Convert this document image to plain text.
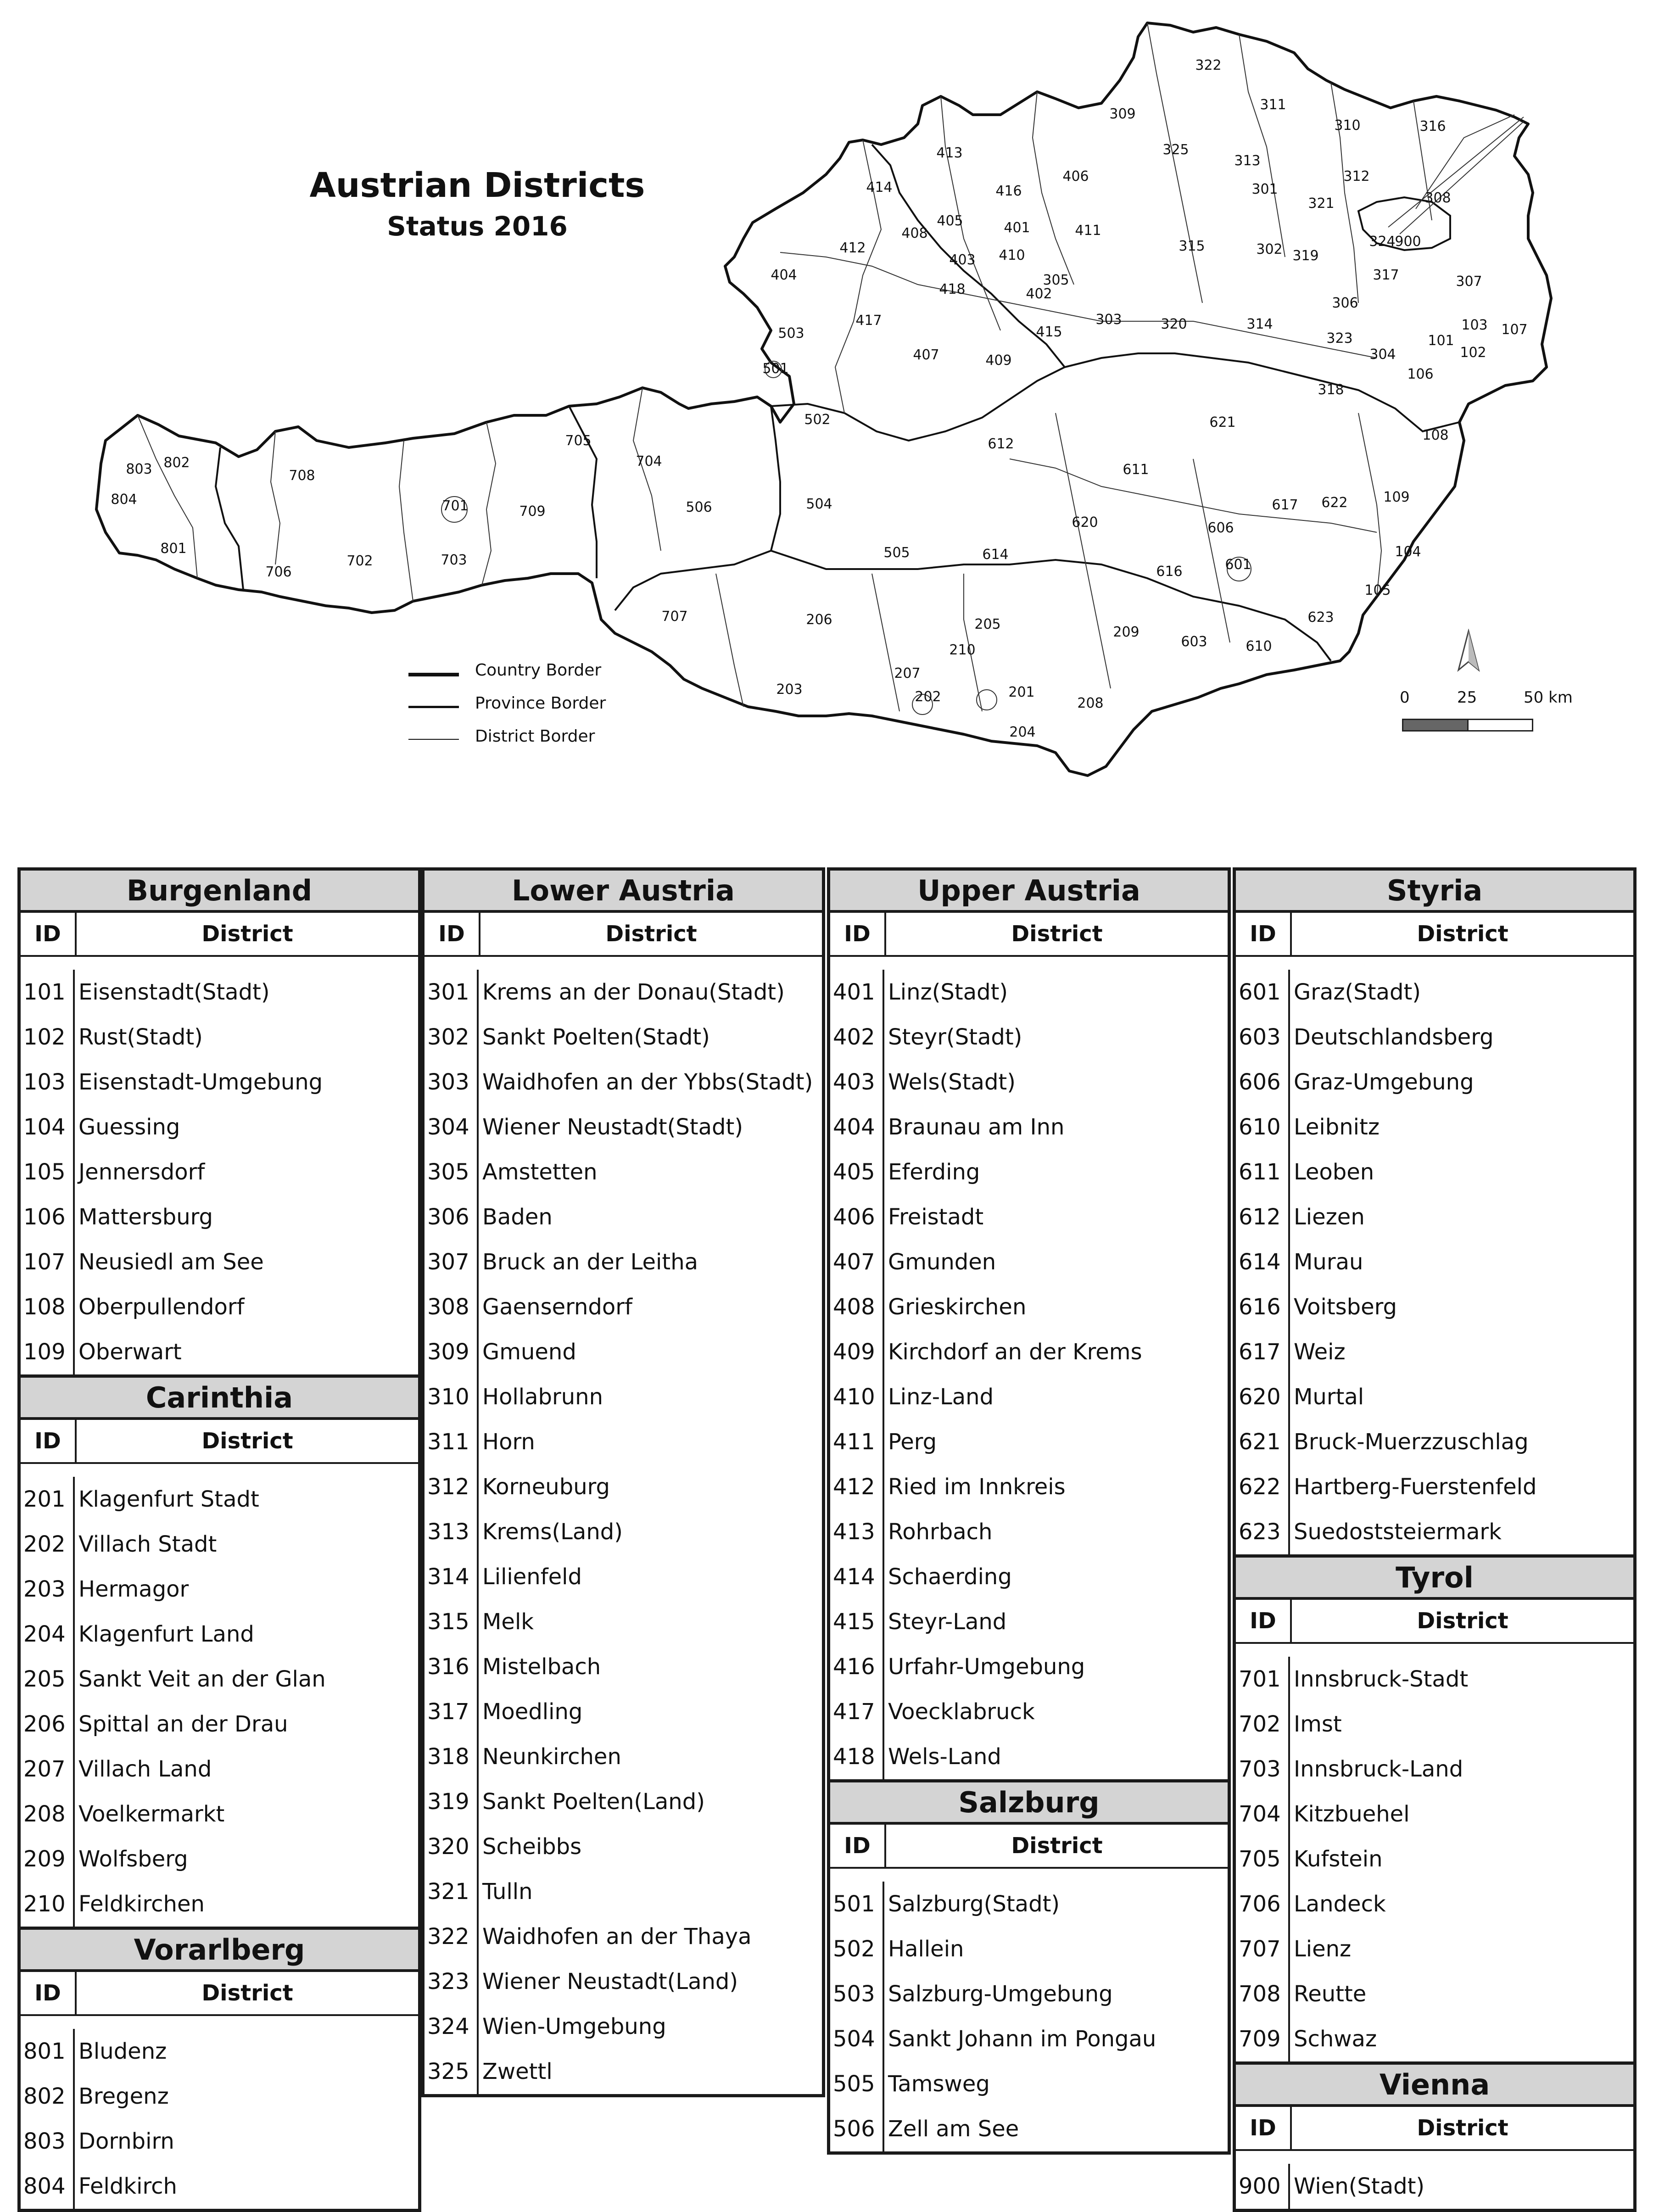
101
102
103
104
105
106
107
108
109
201
202
203
204
205
206
207
208
209
210
301
302
303
304
305
306
307
308
309
310
311
312
313
314
315
316
317
318
319
320
321
322
323
324
325
401
402
403
404
405
406
407
408
409
410
411
412
413
414
415
416
417
418
501
502
503
504
505
506
601
603
606
610
611
612
614
616
617
620
621
622
623
701
702	703
704
705
706
707
708
709
801
802
803
804
900
Austrian Districts
Status 2016
Country Border
Province Border
District Border
0	25	50 km
Burgenland
ID	District
101 Eisenstadt(Stadt)
102 Rust(Stadt)
103 Eisenstadt-Umgebung
104 Guessing
105 Jennersdorf
106 Mattersburg
107 Neusiedl am See
108 Oberpullendorf
109 Oberwart
Carinthia
ID	District
201 Klagenfurt Stadt
202 Villach Stadt
203 Hermagor
204 Klagenfurt Land
205 Sankt Veit an der Glan
206 Spittal an der Drau
207 Villach Land
208 Voelkermarkt
209 Wolfsberg
210 Feldkirchen
Vorarlberg
ID	District
801 Bludenz
802 Bregenz
803 Dornbirn
804 Feldkirch
Lower Austria
ID	District
301 Krems an der Donau(Stadt)
302 Sankt Poelten(Stadt)
303 Waidhofen an der Ybbs(Stadt)
304 Wiener Neustadt(Stadt)
305 Amstetten
306 Baden
307 Bruck an der Leitha
308 Gaenserndorf
309 Gmuend
310 Hollabrunn
311 Horn
312 Korneuburg
313 Krems(Land)
314 Lilienfeld
315 Melk
316 Mistelbach
317 Moedling
318 Neunkirchen
319 Sankt Poelten(Land)
320 Scheibbs
321 Tulln
322 Waidhofen an der Thaya
323 Wiener Neustadt(Land)
324 Wien-Umgebung
325 Zwettl
Upper Austria
ID	District
401 Linz(Stadt)
402 Steyr(Stadt)
403 Wels(Stadt)
404 Braunau am Inn
405 Eferding
406 Freistadt
407 Gmunden
408 Grieskirchen
409 Kirchdorf an der Krems
410 Linz-Land
411 Perg
412 Ried im Innkreis
413 Rohrbach
414 Schaerding
415 Steyr-Land
416 Urfahr-Umgebung
417 Voecklabruck
418 Wels-Land
Salzburg
ID	District
501 Salzburg(Stadt)
502 Hallein
503 Salzburg-Umgebung
504 Sankt Johann im Pongau
505 Tamsweg
506 Zell am See
Styria
ID	District
601 Graz(Stadt)
603 Deutschlandsberg
606 Graz-Umgebung
610 Leibnitz
611 Leoben
612 Liezen
614 Murau
616 Voitsberg
617 Weiz
620 Murtal
621 Bruck-Muerzzuschlag
622 Hartberg-Fuerstenfeld
623 Suedoststeiermark
Tyrol
ID	District
701 Innsbruck-Stadt
702 Imst
703 Innsbruck-Land
704 Kitzbuehel
705 Kufstein
706 Landeck
707 Lienz
708 Reutte
709 Schwaz
Vienna
ID	District
900 Wien(Stadt)
